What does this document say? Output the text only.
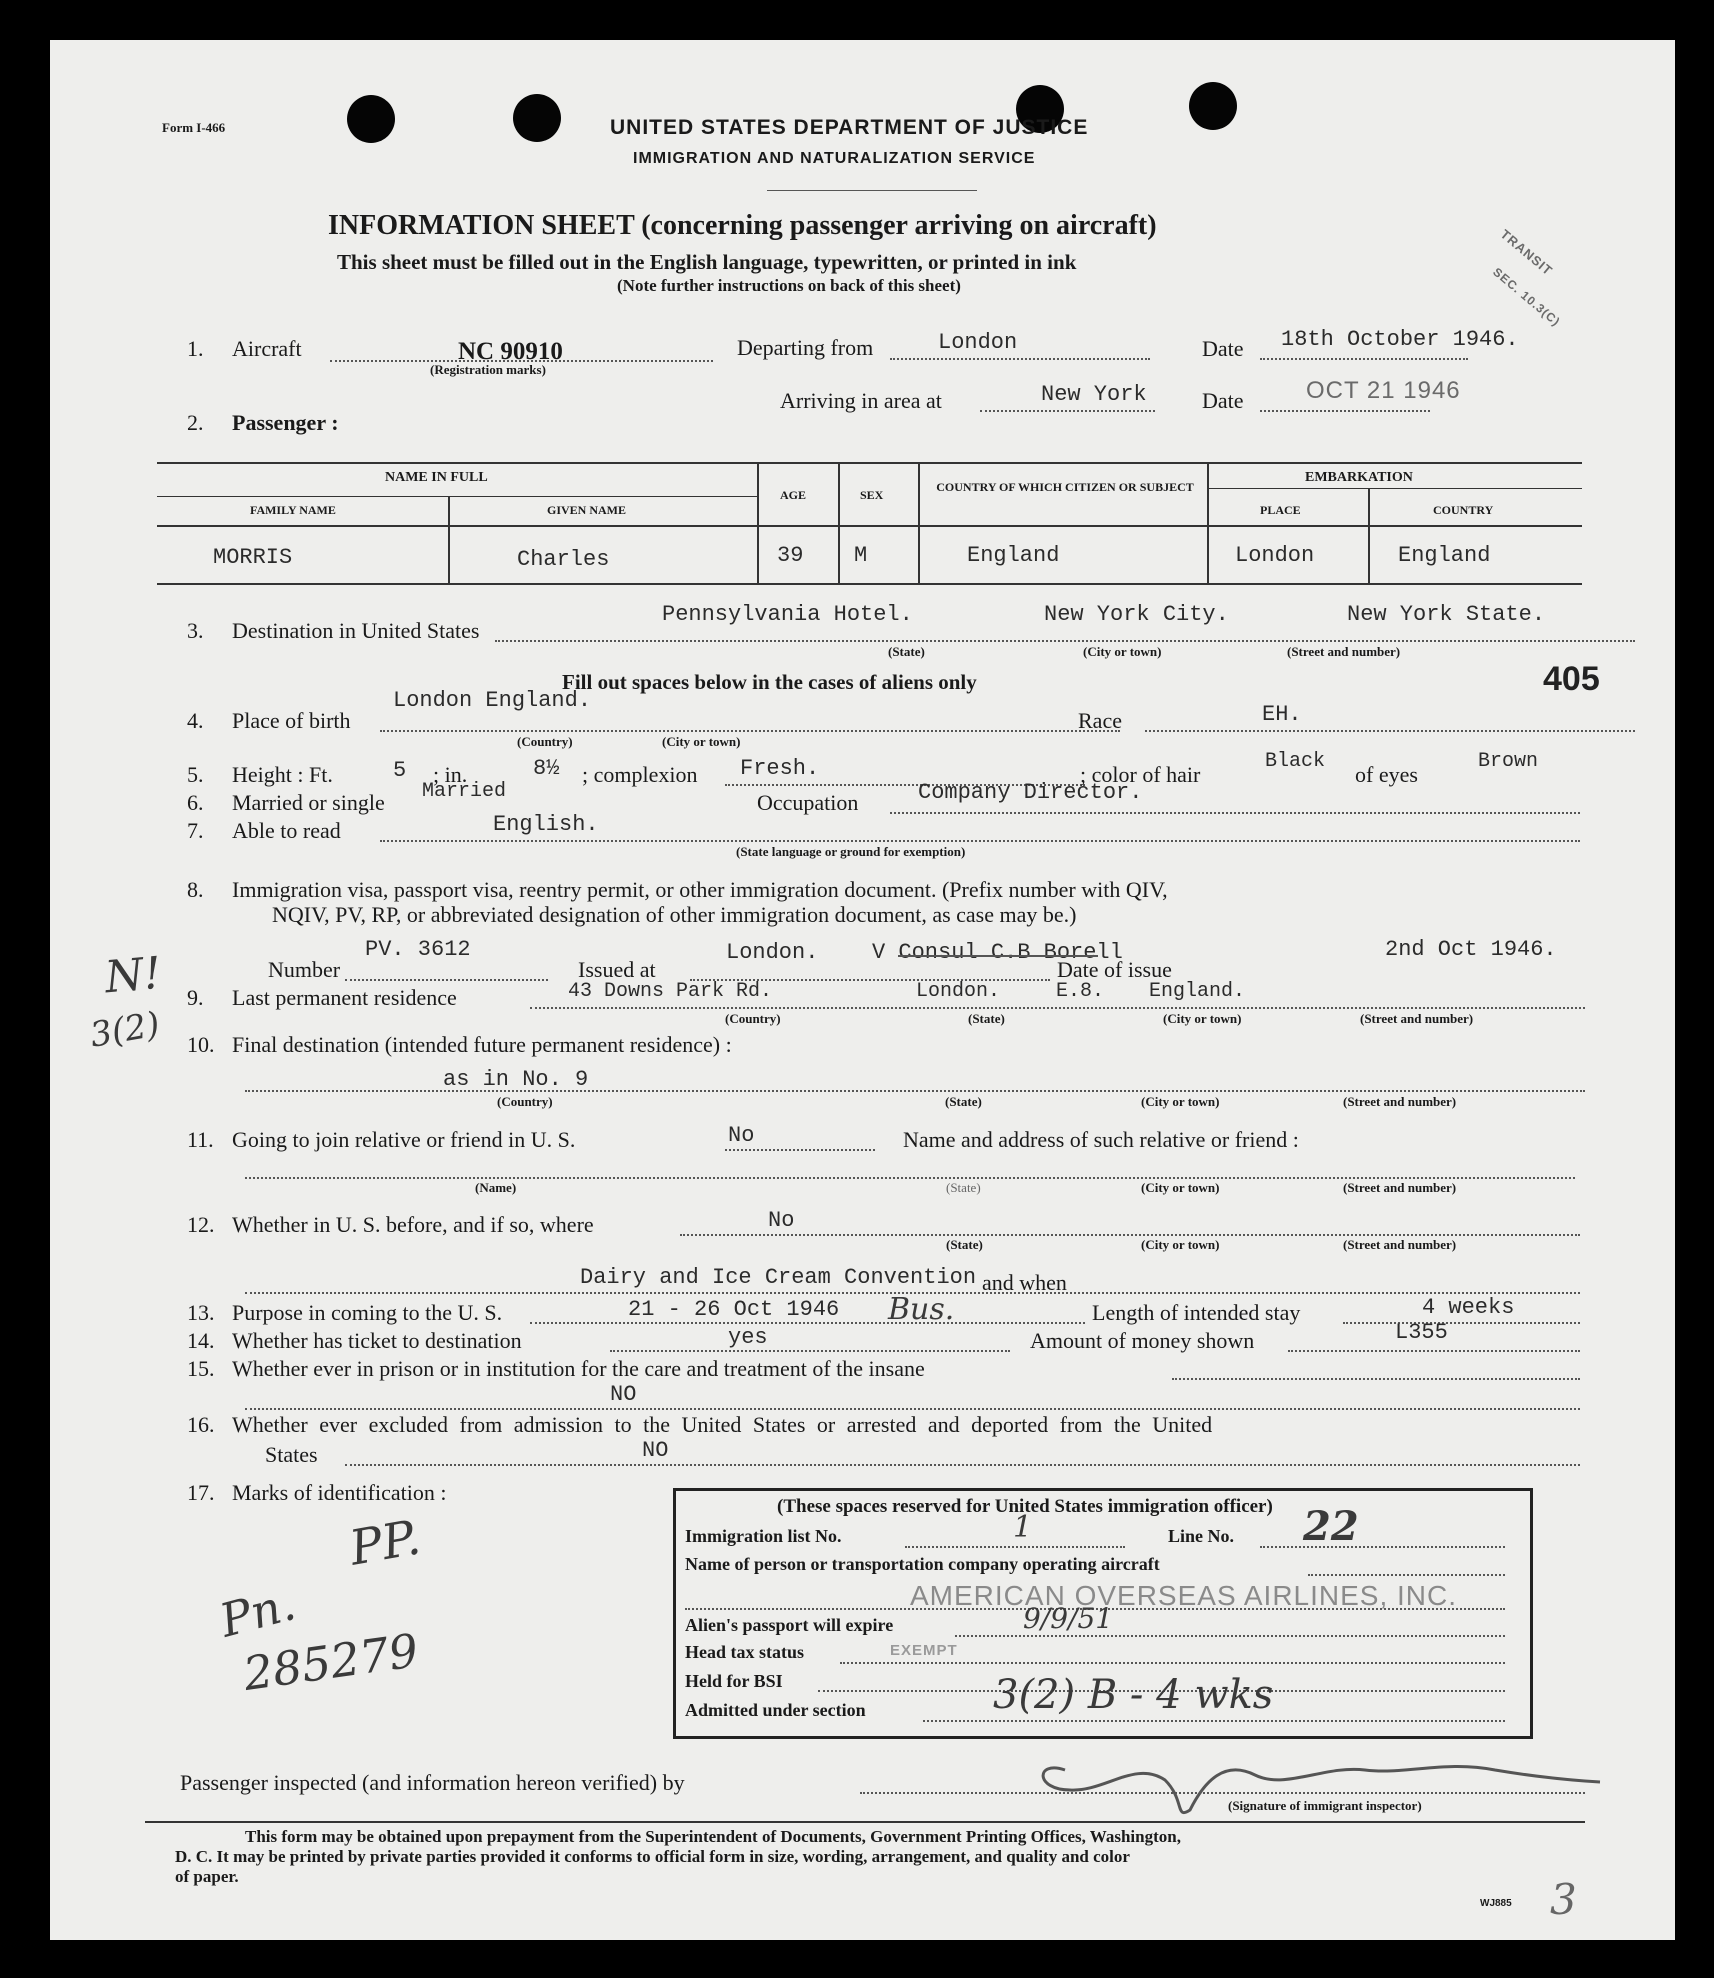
Form I-466	UNITED STATES DEPARTMENT OF JUSTICE
IMMIGRATION AND NATURALIZATION SERVICE
INFORMATION SHEET (concerning passenger arriving on aircraft)
This sheet must be filled out in the English language, typewritten, or printed in ink
(Note further instructions on back of this sheet)
TRANSIT
SEC. 10.3(C)
1. Aircraft	NC 90910
(Registration marks)
Departing from	London	Date 18th October 1946.
Arriving in area at	New York	Date	OCT 21 1946
2. Passenger :
NAME IN FULL
FAMILY NAME	GIVEN NAME
AGE	SEX
COUNTRY OF WHICH CITIZEN OR SUBJECT
EMBARKATION
PLACE	COUNTRY
MORRIS	Charles	39 M	England	London	England
3. Destination in United States
Pennsylvania Hotel.	New York City.	New York State.
(State)	(City or town)	(Street and number)
Fill out spaces below in the cases of aliens only	405
4. Place of birth
London England.
(Country)	(City or town)
Race	EH.
5. Height : Ft.	5 ; in.	8½ ; complexion Fresh.	; color of hair
Black
of eyes
Brown
6. Married or single Married	Occupation	Company Director.
7. Able to read	English.
(State language or ground for exemption)
8. Immigration visa, passport visa, reentry permit, or other immigration document. (Prefix number with QIV,
NQIV, PV, RP, or abbreviated designation of other immigration document, as case may be.)
Number
PV. 3612
Issued at
London. V Consul C.B Borell
Date of issue
2nd Oct 1946.
9. Last permanent residence	43 Downs Park Rd.	London.	E.8. England.
(Country)	(State)	(City or town)	(Street and number)
10. Final destination (intended future permanent residence) :
as in No. 9
(Country)	(State)	(City or town)	(Street and number)
11. Going to join relative or friend in U. S.	No	Name and address of such relative or friend :
(Name)	(State)	(City or town)	(Street and number)
12. Whether in U. S. before, and if so, where	No
(State)	(City or town)	(Street and number)
Dairy and Ice Cream Convention and when
13. Purpose in coming to the U. S.	21 - 26 Oct 1946 Bus.	Length of intended stay	4 weeks
14. Whether has ticket to destination	yes	Amount of money shown	L355
15. Whether ever in prison or in institution for the care and treatment of the insane
NO
16. Whether ever excluded from admission to the United States or arrested and deported from the United
States	NO
17. Marks of identification :
PP.
Pn.
285279
N!
3(2)
(These spaces reserved for United States immigration officer)
Immigration list No.	1	Line No. 22
Name of person or transportation company operating aircraft
AMERICAN OVERSEAS AIRLINES, INC.
Alien's passport will expire	9/9/51
Head tax status	EXEMPT
Held for BSI
Admitted under section	3(2) B - 4 wks
Passenger inspected (and information hereon verified) by
(Signature of immigrant inspector)
This form may be obtained upon prepayment from the Superintendent of Documents, Government Printing Offices, Washington,
D. C. It may be printed by private parties provided it conforms to official form in size, wording, arrangement, and quality and color
of paper.
WJ885 3
